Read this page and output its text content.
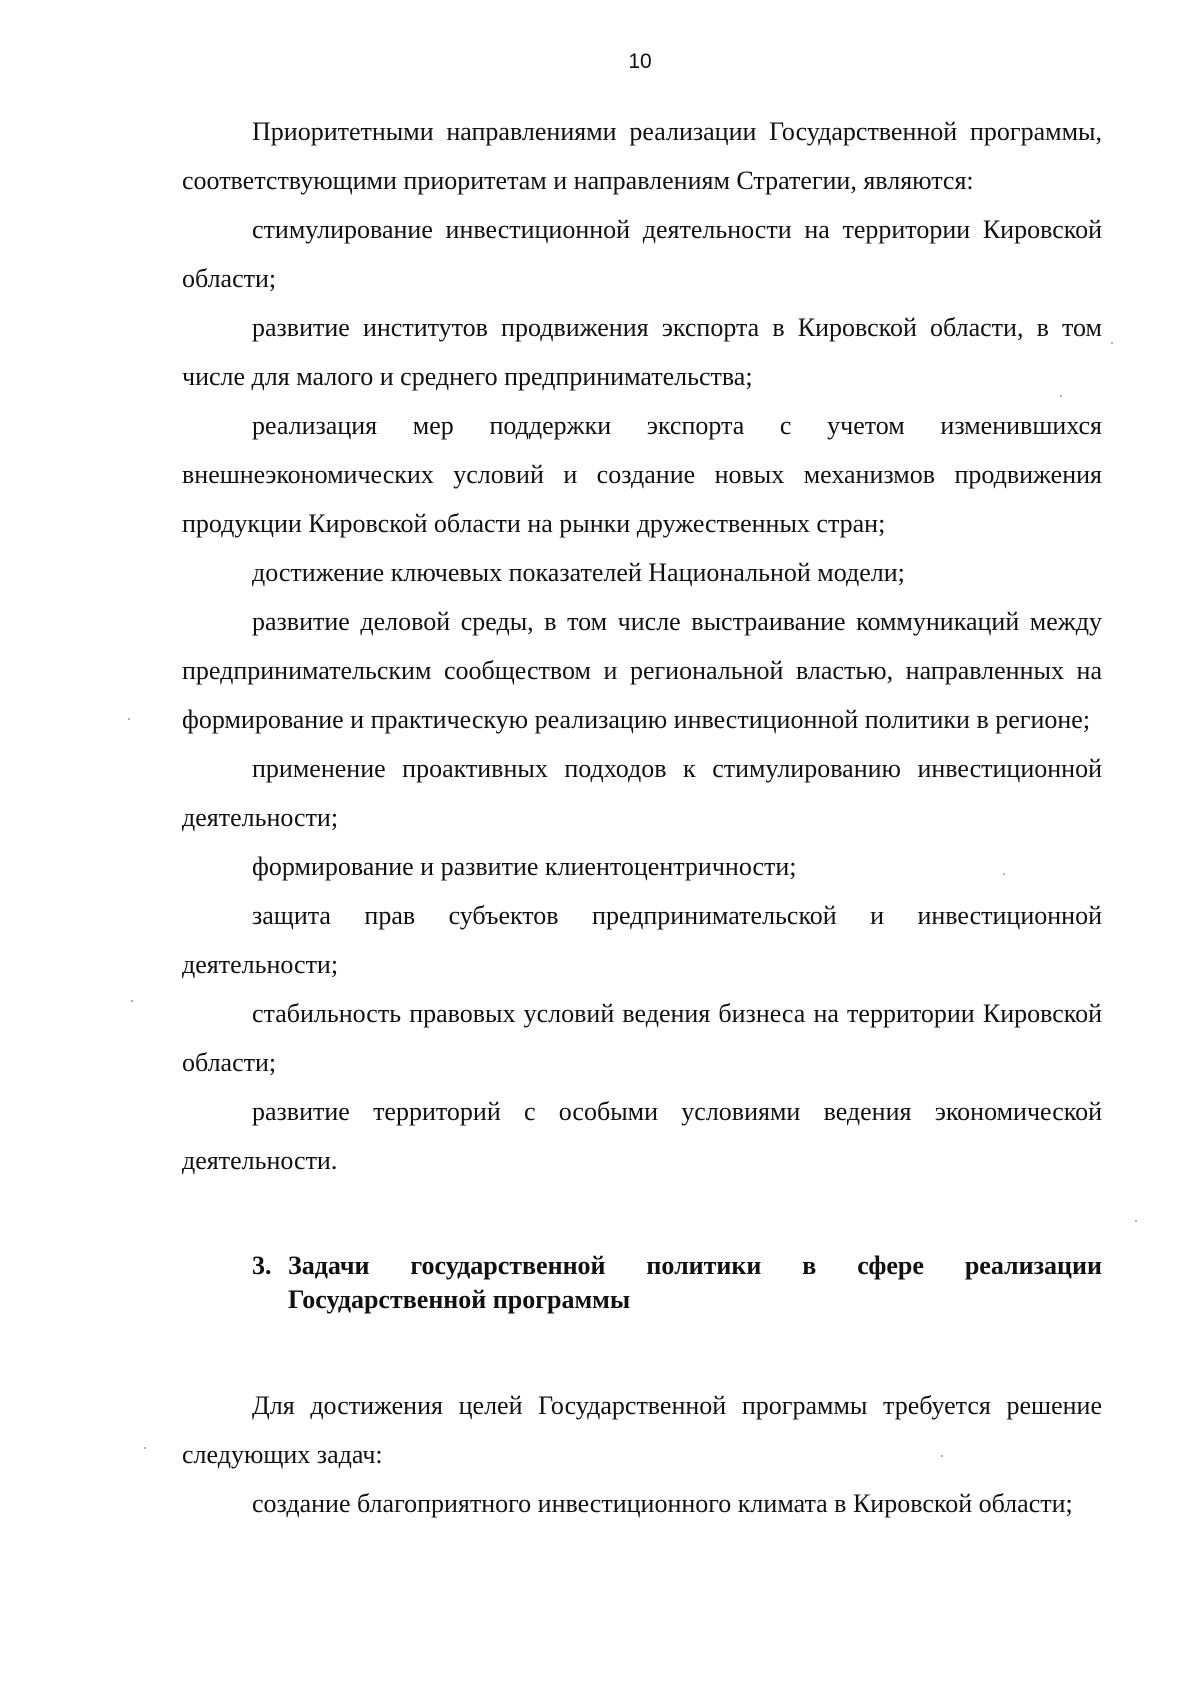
10

Приоритетными направлениями реализации Государственной программы, соответствующими приоритетам и направлениям Стратегии, являются:

стимулирование инвестиционной деятельности на территории Кировской области;

развитие институтов продвижения экспорта в Кировской области, в том числе для малого и среднего предпринимательства;

реализация мер поддержки экспорта с учетом изменившихся внешнеэкономических условий и создание новых механизмов продвижения продукции Кировской области на рынки дружественных стран;

достижение ключевых показателей Национальной модели;

развитие деловой среды, в том числе выстраивание коммуникаций между предпринимательским сообществом и региональной властью, направленных на формирование и практическую реализацию инвестиционной политики в регионе;

применение проактивных подходов к стимулированию инвестиционной деятельности;

формирование и развитие клиентоцентричности;

защита прав субъектов предпринимательской и инвестиционной деятельности;

стабильность правовых условий ведения бизнеса на территории Кировской области;

развитие территорий с особыми условиями ведения экономической деятельности.

3. Задачи государственной политики в сфере реализации Государственной программы

Для достижения целей Государственной программы требуется решение следующих задач:

создание благоприятного инвестиционного климата в Кировской области;
